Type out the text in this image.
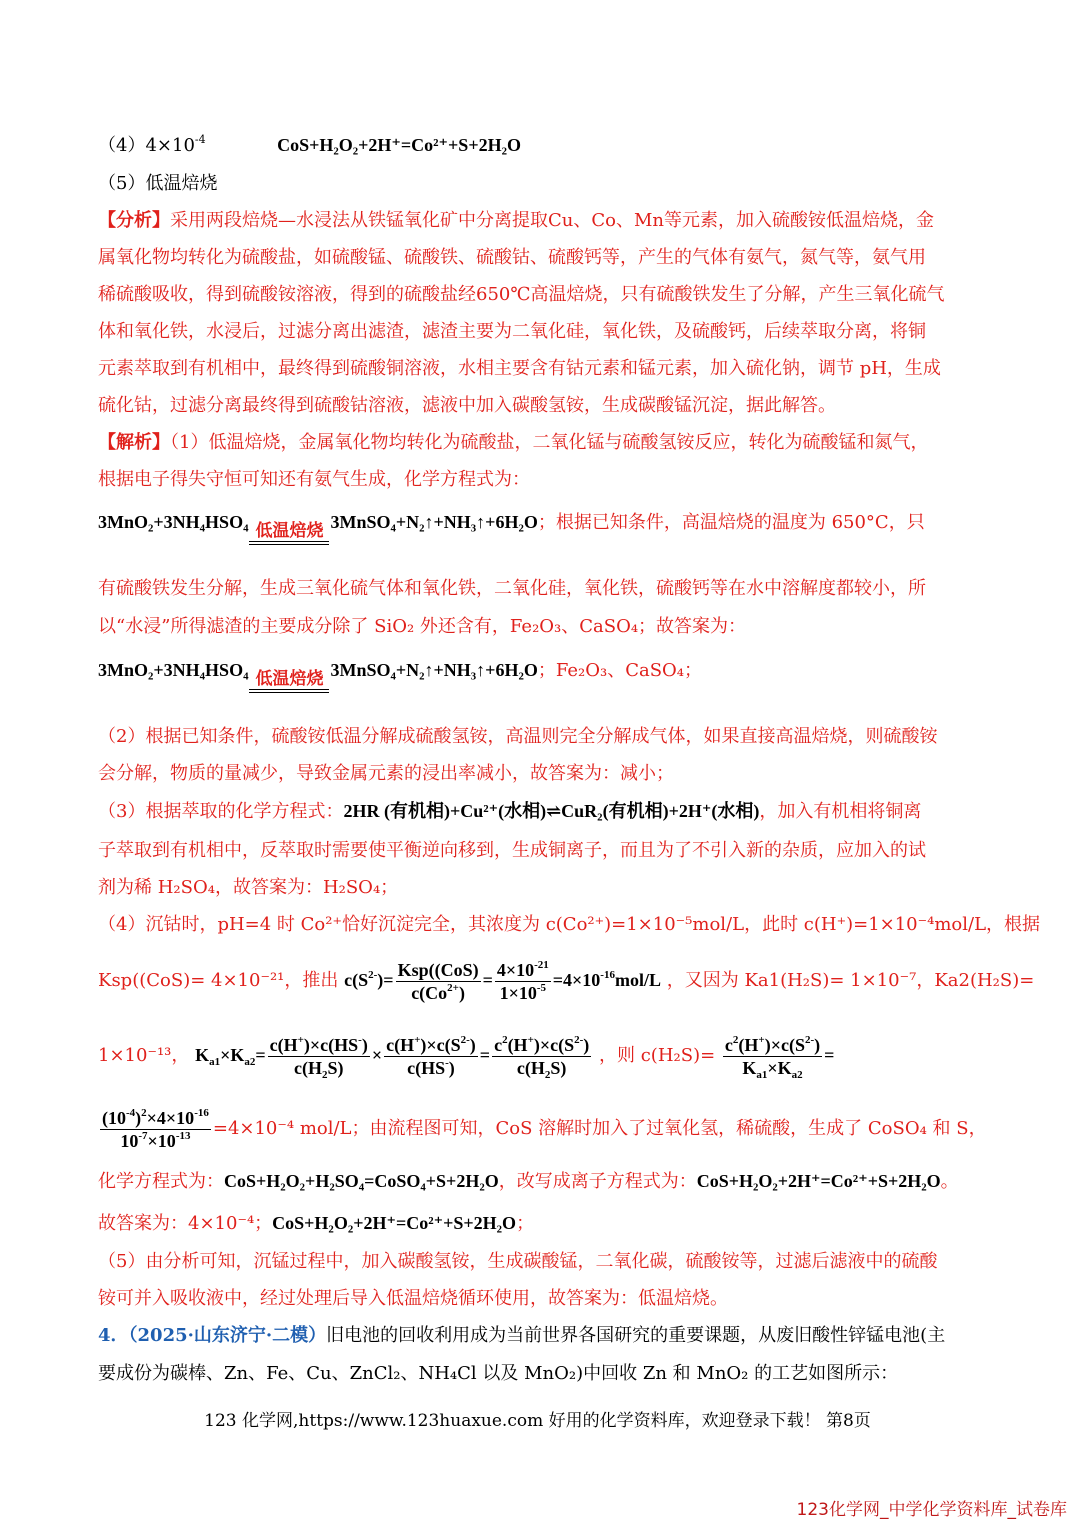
$(4)4\times 10^{-4}$	CoS+H₂O₂+2H⁺=Co²⁺+S+2H₂O
（5）低温焙烧
【分析】采用两段焙烧—水浸法从铁锰氧化矿中分离提取Cu、Co、Mn等元素，加入硫酸铵低温焙烧，金
属氧化物均转化为硫酸盐，如硫酸锰、硫酸铁、硫酸钴、硫酸钙等，产生的气体有氨气，氮气等，氨气用
稀硫酸吸收，得到硫酸铵溶液，得到的硫酸盐经650℃高温焙烧，只有硫酸铁发生了分解，产生三氧化硫气
体和氧化铁，水浸后，过滤分离出滤渣，滤渣主要为二氧化硅，氧化铁，及硫酸钙，后续萃取分离，将铜
元素萃取到有机相中，最终得到硫酸铜溶液，水相主要含有钴元素和锰元素，加入硫化钠，调节 pH，生成
硫化钴，过滤分离最终得到硫酸钴溶液，滤液中加入碳酸氢铵，生成碳酸锰沉淀，据此解答。
【解析】（1）低温焙烧，金属氧化物均转化为硫酸盐，二氧化锰与硫酸氢铵反应，转化为硫酸锰和氮气，
根据电子得失守恒可知还有氨气生成，化学方程式为：
3MnO₂+3NH₄HSO₄ 低温焙烧 3MnSO₄+N₂↑+NH₃↑+6H₂O；根据已知条件，高温焙烧的温度为 650°C，只
有硫酸铁发生分解，生成三氧化硫气体和氧化铁，二氧化硅，氧化铁，硫酸钙等在水中溶解度都较小，所
以“水浸”所得滤渣的主要成分除了 SiO₂ 外还含有，Fe₂O₃、CaSO₄；故答案为：
3MnO₂+3NH₄HSO₄ 低温焙烧 3MnSO₄+N₂↑+NH₃↑+6H₂O；Fe₂O₃、CaSO₄；
（2）根据已知条件，硫酸铵低温分解成硫酸氢铵，高温则完全分解成气体，如果直接高温焙烧，则硫酸铵
会分解，物质的量减少，导致金属元素的浸出率减小，故答案为：减小；
（3）根据萃取的化学方程式：2HR (有机相)+Cu²⁺(水相)⇌CuR₂(有机相)+2H⁺(水相)，加入有机相将铜离
子萃取到有机相中，反萃取时需要使平衡逆向移到，生成铜离子，而且为了不引入新的杂质，应加入的试
剂为稀 H₂SO₄，故答案为：H₂SO₄；
（4）沉钴时，pH=4 时 Co²⁺恰好沉淀完全，其浓度为 c(Co²⁺)=1×10⁻⁵mol/L，此时 c(H⁺)=1×10⁻⁴mol/L，根据
Ksp((CoS)= 4×10⁻²¹，推出 $c(S^{2-})= \frac{\text{Ksp((CoS)}}{c(Co^{2+})} = \frac{4\times 10^{-21}}{1\times 10^{-5}} =4\times 10^{-16}mol/L$ ，又因为 Ka1(H₂S)= 1×10⁻⁷，Ka2(H₂S)=
1×10⁻¹³， $K_{a1}\times K_{a2}= \frac{c(H^+)\times c(HS^-)}{c(H_2S)} \times \frac{c(H^+)\times c(S^{2-})}{c(HS^-)} = \frac{c^2(H^+)\times c(S^{2-})}{c(H_2S)}$ ，则 $c(H_2S)= \frac{c^2(H^+)\times c(S^{2-})}{K_{a1}\times K_{a2}}$ =
$\frac{(10^{-4})^2\times 4\times 10^{-16}}{10^{-7}\times 10^{-13}} =4\times 10^{-4}$ mol/L；由流程图可知，CoS 溶解时加入了过氧化氢，稀硫酸，生成了 CoSO₄ 和 S，
化学方程式为：CoS+H₂O₂+H₂SO₄=CoSO₄+S+2H₂O，改写成离子方程式为：CoS+H₂O₂+2H⁺=Co²⁺+S+2H₂O。
故答案为：4×10⁻⁴；CoS+H₂O₂+2H⁺=Co²⁺+S+2H₂O；
（5）由分析可知，沉锰过程中，加入碳酸氢铵，生成碳酸锰，二氧化碳，硫酸铵等，过滤后滤液中的硫酸
铵可并入吸收液中，经过处理后导入低温焙烧循环使用，故答案为：低温焙烧。
4．（2025·山东济宁·二模）旧电池的回收利用成为当前世界各国研究的重要课题，从废旧酸性锌锰电池(主
要成份为碳棒、Zn、Fe、Cu、ZnCl₂、NH₄Cl 以及 MnO₂)中回收 Zn 和 MnO₂ 的工艺如图所示：
123 化学网,https://www.123huaxue.com 好用的化学资料库，欢迎登录下载！ 第8页
123化学网_中学化学资料库_试卷库
